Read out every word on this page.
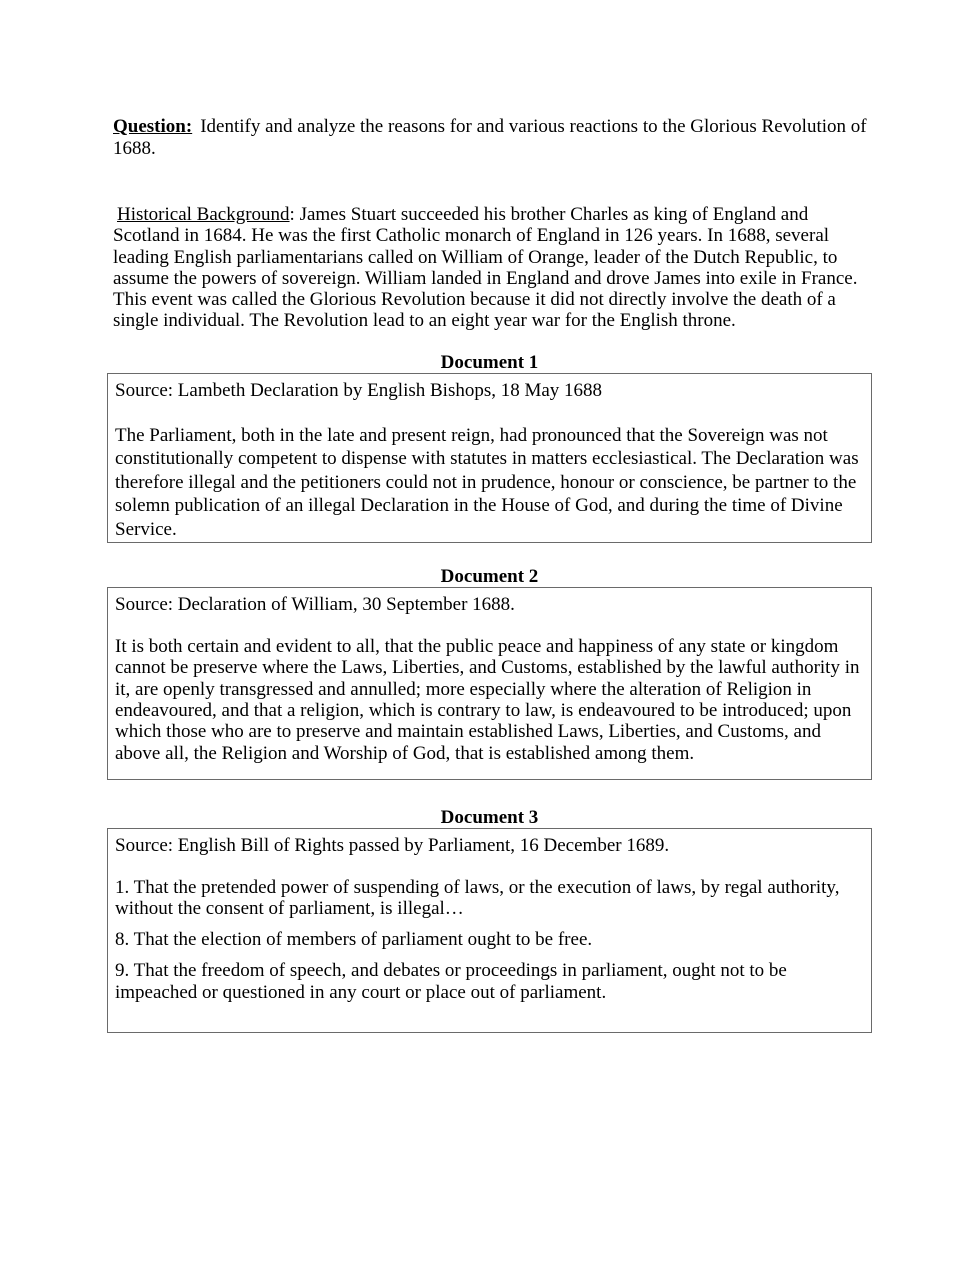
Question: Identify and analyze the reasons for and various reactions to the Glorious Revolution of 1688.

Historical Background: James Stuart succeeded his brother Charles as king of England and Scotland in 1684. He was the first Catholic monarch of England in 126 years. In 1688, several leading English parliamentarians called on William of Orange, leader of the Dutch Republic, to assume the powers of sovereign. William landed in England and drove James into exile in France. This event was called the Glorious Revolution because it did not directly involve the death of a single individual. The Revolution lead to an eight year war for the English throne.

Document 1

Source: Lambeth Declaration by English Bishops, 18 May 1688

The Parliament, both in the late and present reign, had pronounced that the Sovereign was not constitutionally competent to dispense with statutes in matters ecclesiastical. The Declaration was therefore illegal and the petitioners could not in prudence, honour or conscience, be partner to the solemn publication of an illegal Declaration in the House of God, and during the time of Divine Service.

Document 2

Source: Declaration of William, 30 September 1688.

It is both certain and evident to all, that the public peace and happiness of any state or kingdom cannot be preserve where the Laws, Liberties, and Customs, established by the lawful authority in it, are openly transgressed and annulled; more especially where the alteration of Religion in endeavoured, and that a religion, which is contrary to law, is endeavoured to be introduced; upon which those who are to preserve and maintain established Laws, Liberties, and Customs, and above all, the Religion and Worship of God, that is established among them.

Document 3

Source: English Bill of Rights passed by Parliament, 16 December 1689.

1. That the pretended power of suspending of laws, or the execution of laws, by regal authority, without the consent of parliament, is illegal…

8. That the election of members of parliament ought to be free.

9. That the freedom of speech, and debates or proceedings in parliament, ought not to be impeached or questioned in any court or place out of parliament.
